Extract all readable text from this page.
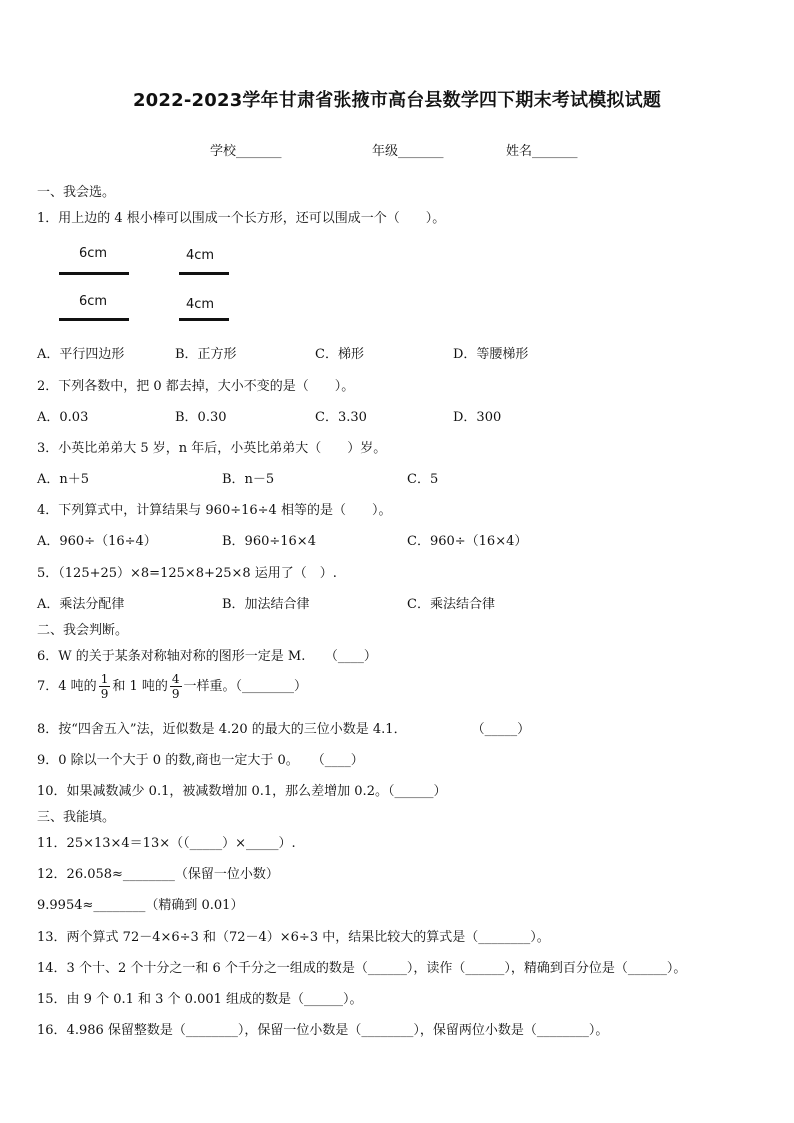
2022-2023学年甘肃省张掖市高台县数学四下期末考试模拟试题
学校_______	年级_______	姓名_______
一、我会选。
1．用上边的 4 根小棒可以围成一个长方形，还可以围成一个（　　）。
6cm	4cm
6cm	4cm
A．平行四边形	B．正方形	C．梯形	D．等腰梯形
2．下列各数中，把 0 都去掉，大小不变的是（　　）。
A．0.03	B．0.30	C．3.30	D．300
3．小英比弟弟大 5 岁，n 年后，小英比弟弟大（　　）岁。
A．n＋5	B．n－5	C．5
4．下列算式中，计算结果与 960÷16÷4 相等的是（　　）。
A．960÷（16÷4）	B．960÷16×4	C．960÷（16×4）
5．（125+25）×8=125×8+25×8 运用了（　）.
A．乘法分配律	B．加法结合律	C．乘法结合律
二、我会判断。
6．W 的关于某条对称轴对称的图形一定是 M.　　（____）
7．4 吨的 $\frac{1}{9}$ 和 1 吨的 $\frac{4}{9}$ 一样重。（________）
8．按“四舍五入”法，近似数是 4.20 的最大的三位小数是 4.1．　　　　　　（_____）
9．0 除以一个大于 0 的数,商也一定大于 0。　　（____）
10．如果减数减少 0.1，被减数增加 0.1，那么差增加 0.2。（______）
三、我能填。
11．25×13×4＝13×（（_____）×_____）.
12．26.058≈________（保留一位小数）
9.9954≈________（精确到 0.01）
13．两个算式 72－4×6÷3 和（72－4）×6÷3 中，结果比较大的算式是（________）。
14．3 个十、2 个十分之一和 6 个千分之一组成的数是（______），读作（______），精确到百分位是（______）。
15．由 9 个 0.1 和 3 个 0.001 组成的数是（______）。
16．4.986 保留整数是（________），保留一位小数是（________），保留两位小数是（________）。
